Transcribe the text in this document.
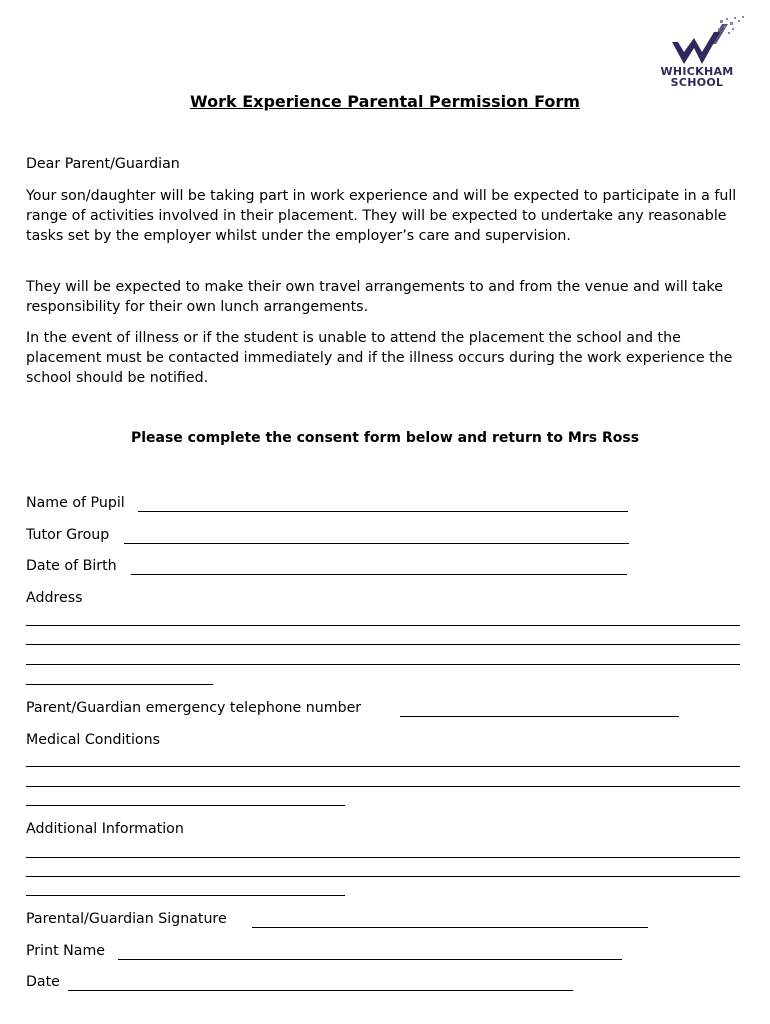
WHICKHAM
SCHOOL
Work Experience Parental Permission Form
Dear Parent/Guardian
Your son/daughter will be taking part in work experience and will be expected to participate in a full range of activities involved in their placement. They will be expected to undertake any reasonable tasks set by the employer whilst under the employer’s care and supervision.
They will be expected to make their own travel arrangements to and from the venue and will take responsibility for their own lunch arrangements.
In the event of illness or if the student is unable to attend the placement the school and the placement must be contacted immediately and if the illness occurs during the work experience the school should be notified.
Please complete the consent form below and return to Mrs Ross
Name of Pupil
Tutor Group
Date of Birth
Address
Parent/Guardian emergency telephone number
Medical Conditions
Additional Information
Parental/Guardian Signature
Print Name
Date
